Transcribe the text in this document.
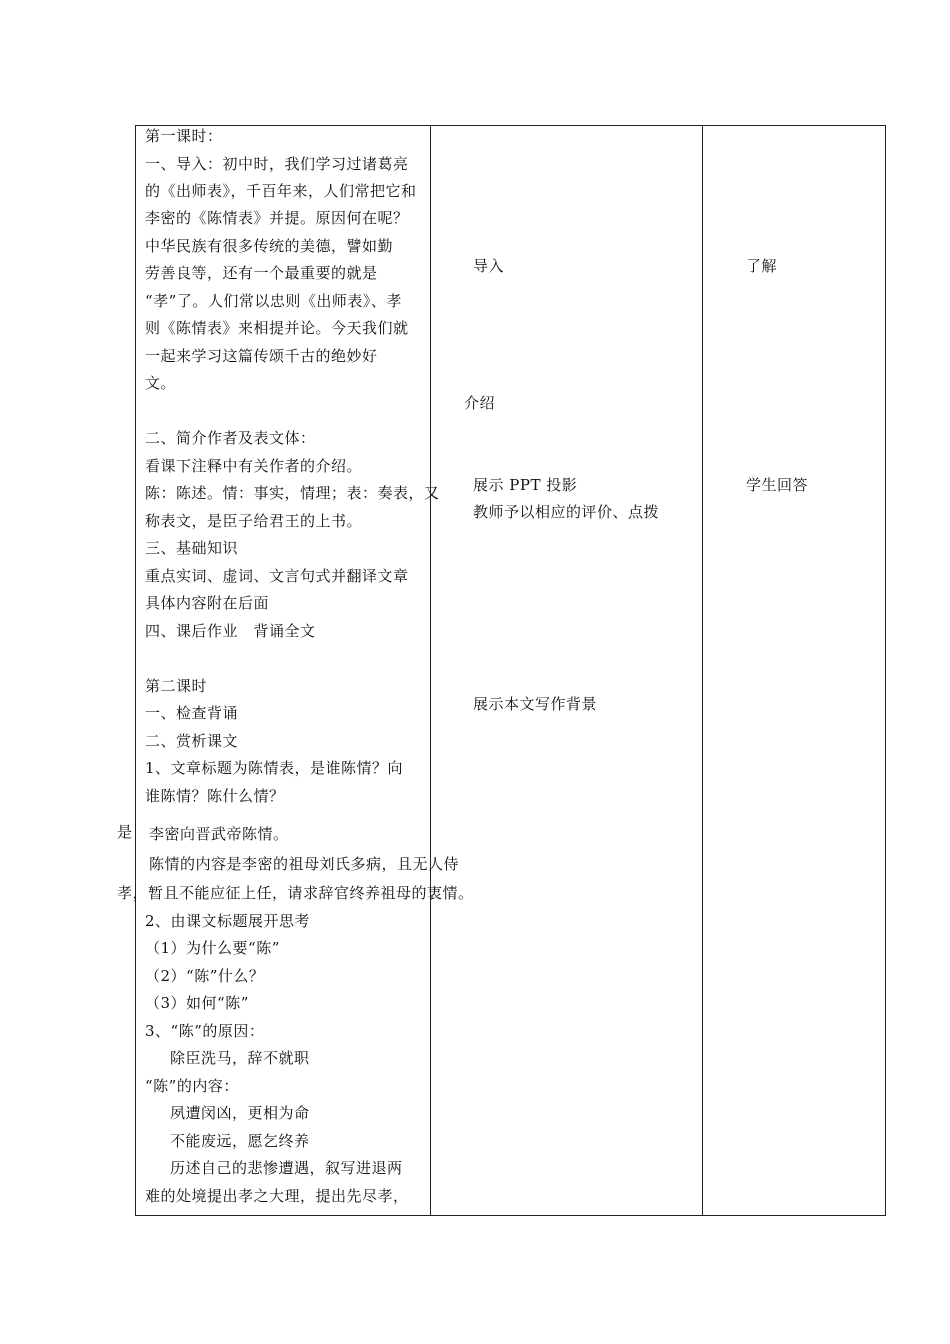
第一课时：
一、导入：初中时，我们学习过诸葛亮
的《出师表》，千百年来，人们常把它和
李密的《陈情表》并提。原因何在呢？
中华民族有很多传统的美德，譬如勤
劳善良等，还有一个最重要的就是
“孝”了。人们常以忠则《出师表》、孝
则《陈情表》来相提并论。今天我们就
一起来学习这篇传颂千古的绝妙好
文。
二、简介作者及表文体：
看课下注释中有关作者的介绍。
陈：陈述。情：事实，情理；表：奏表，又
称表文，是臣子给君王的上书。
三、基础知识
重点实词、虚词、文言句式并翻译文章
具体内容附在后面
四、课后作业　背诵全文
第二课时
一、检查背诵
二、赏析课文
1、文章标题为陈情表，是谁陈情？向
谁陈情？陈什么情？
是 李密向晋武帝陈情。
陈情的内容是李密的祖母刘氏多病，且无人侍
孝，暂且不能应征上任，请求辞官终养祖母的衷情。
2、由课文标题展开思考
（1）为什么要“陈”
（2）“陈”什么？
（3）如何“陈”
3、“陈”的原因：
除臣洗马，辞不就职
“陈”的内容：
夙遭闵凶，更相为命
不能废远，愿乞终养
历述自己的悲惨遭遇，叙写进退两
难的处境提出孝之大理，提出先尽孝，
导入
介绍
展示 PPT 投影
教师予以相应的评价、点拨
展示本文写作背景
了解
学生回答
